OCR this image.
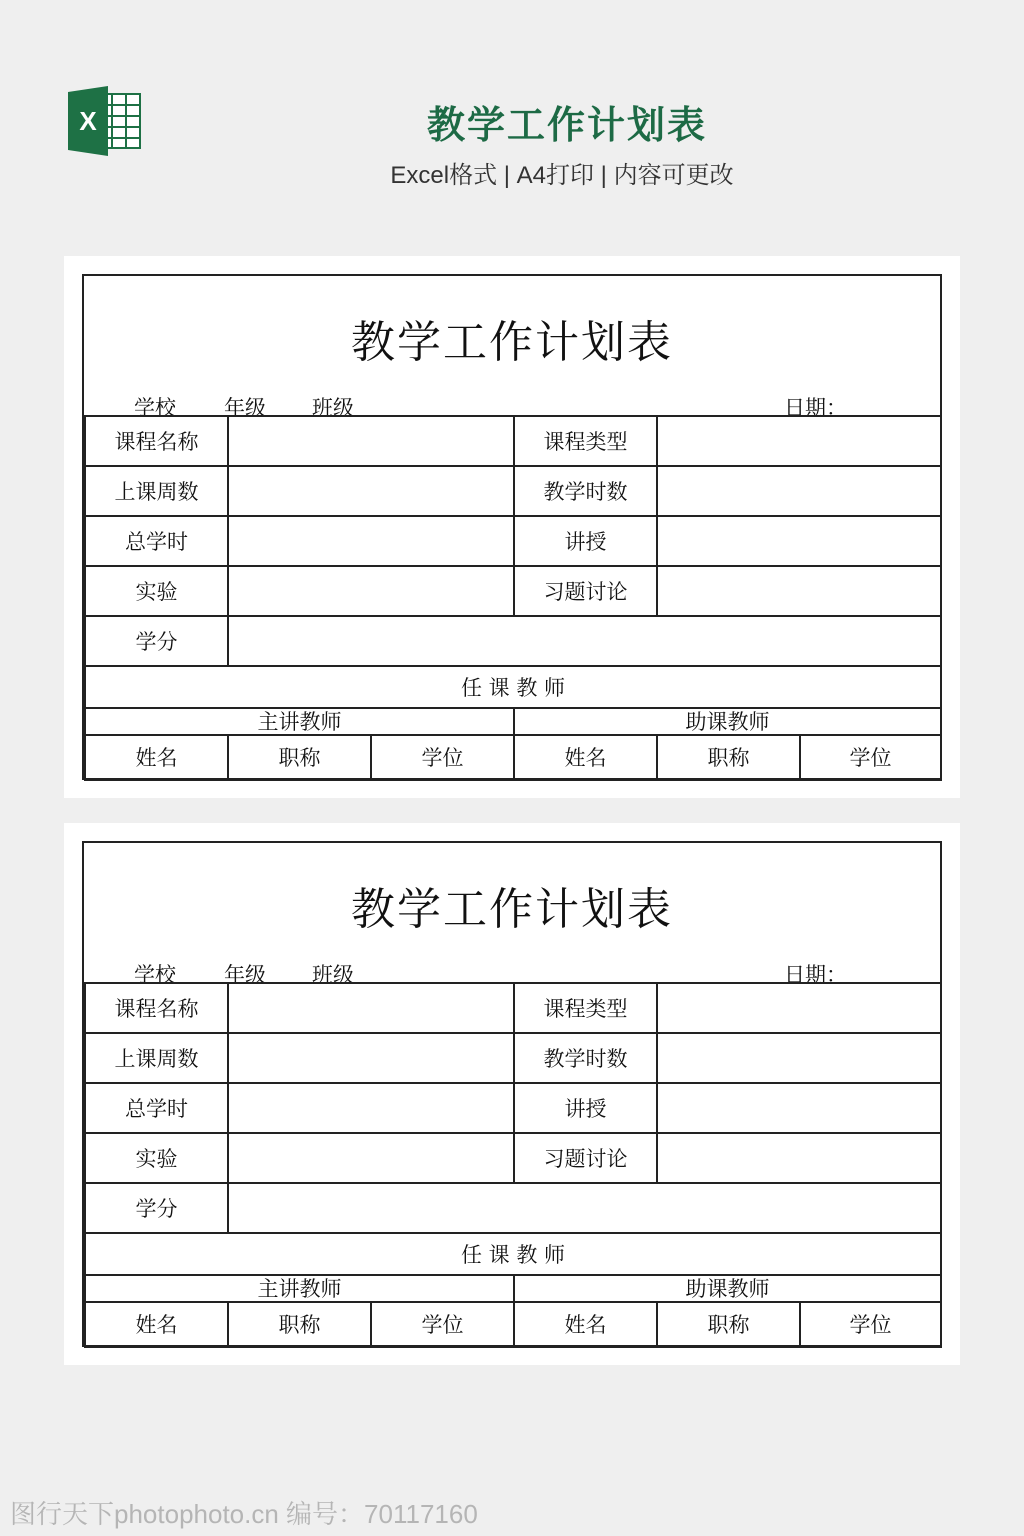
X	教学工作计划表
Excel格式 | A4打印 | 内容可更改
教学工作计划表
学校 年级 班级	日期：
课程名称			课程类型		
上课周数			教学时数		
总学时			讲授		
实验			习题讨论		
学分					
任 课 教 师					
主讲教师			助课教师		
姓名	职称	学位	姓名	职称	学位
教学工作计划表
学校 年级 班级	日期：
课程名称			课程类型		
上课周数			教学时数		
总学时			讲授		
实验			习题讨论		
学分					
任 课 教 师					
主讲教师			助课教师		
姓名	职称	学位	姓名	职称	学位
图行天下photophoto.cn 编号：70117160
